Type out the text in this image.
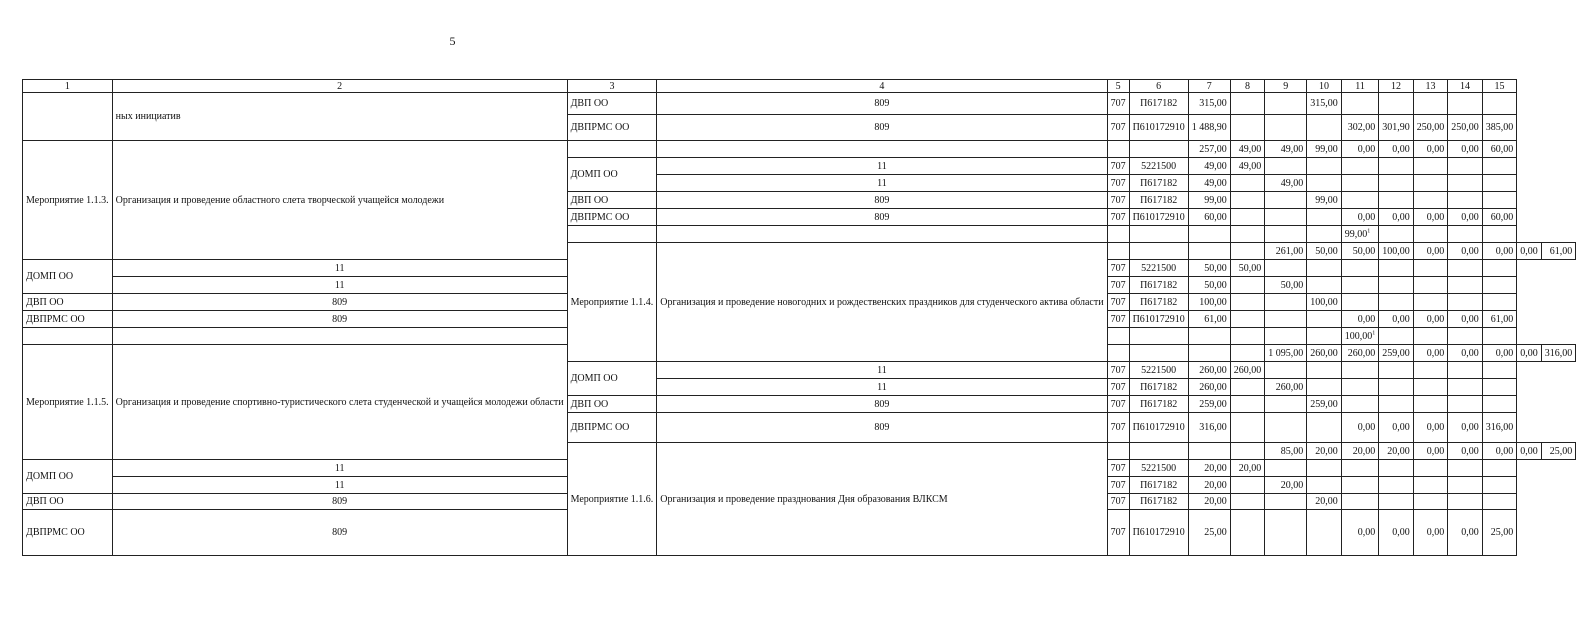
5
1	2	3	4	5	6	7	8	9	10	11	12	13	14	15		
	ных инициатив	ДВП ОО	809	707	П617182	315,00			315,00							
		ДВПРМС ОО	809	707	П610172910	1 488,90				302,00	301,90	250,00	250,00	385,00		
Мероприятие 1.1.3.	Организация и проведение областного слета творческой учащейся молодежи					257,00	49,00	49,00	99,00	0,00	0,00	0,00	0,00	60,00		
		ДОМП ОО	11	707	5221500	49,00	49,00									
			11	707	П617182	49,00		49,00								
		ДВП ОО	809	707	П617182	99,00			99,00							
		ДВПРМС ОО	809	707	П610172910	60,00				0,00	0,00	0,00	0,00	60,00		
										99,00$^1$				
		Мероприятие 1.1.4.	Организация и проведение новогодних и рождественских праздников для студенческого актива области					261,00	50,00	50,00	100,00	0,00	0,00	0,00	0,00	61,00
ДОМП ОО	11			707	5221500	50,00	50,00									
	11			707	П617182	50,00		50,00								
ДВП ОО	809			707	П617182	100,00			100,00							
ДВПРМС ОО	809			707	П610172910	61,00				0,00	0,00	0,00	0,00	61,00		
										100,00$^1$				
Мероприятие 1.1.5.	Организация и проведение спортивно-туристического слета студенческой и учащейся молодежи области							1 095,00	260,00	260,00	259,00	0,00	0,00	0,00	0,00	316,00
		ДОМП ОО	11	707	5221500	260,00	260,00									
			11	707	П617182	260,00		260,00								
		ДВП ОО	809	707	П617182	259,00			259,00							
		ДВПРМС ОО	809	707	П610172910	316,00				0,00	0,00	0,00	0,00	316,00		
		Мероприятие 1.1.6.	Организация и проведение празднования Дня образования ВЛКСМ					85,00	20,00	20,00	20,00	0,00	0,00	0,00	0,00	25,00
ДОМП ОО	11			707	5221500	20,00	20,00									
	11			707	П617182	20,00		20,00								
ДВП ОО	809			707	П617182	20,00			20,00							
ДВПРМС ОО	809			707	П610172910	25,00				0,00	0,00	0,00	0,00	25,00		
